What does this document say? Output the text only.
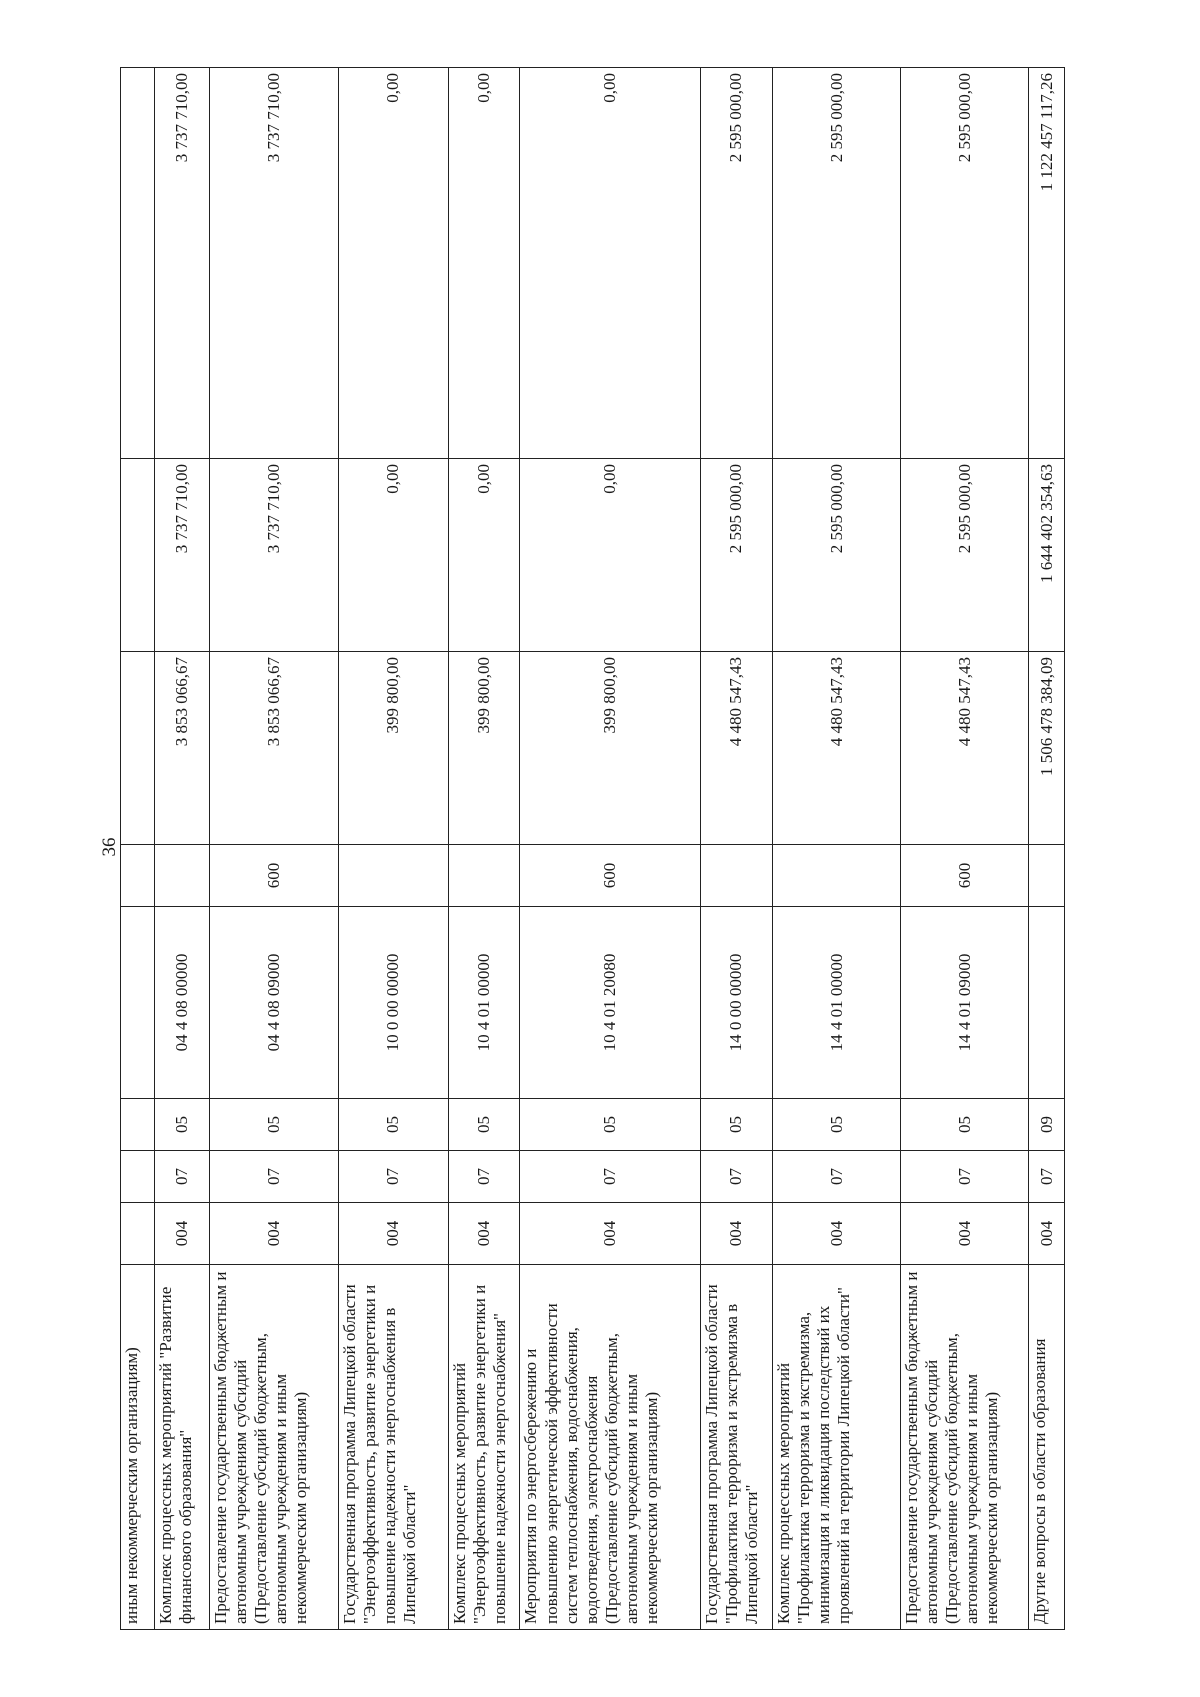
36
иным некоммерческим организациям)								
Комплекс процессных мероприятий "Развитие финансового образования"	004	07	05	04 4 08 00000		3 853 066,67	3 737 710,00	3 737 710,00
Предоставление государственным бюджетным и автономным учреждениям субсидий (Предоставление субсидий бюджетным, автономным учреждениям и иным некоммерческим организациям)	004	07	05	04 4 08 09000	600	3 853 066,67	3 737 710,00	3 737 710,00
Государственная программа Липецкой области "Энергоэффективность, развитие энергетики и повышение надежности энергоснабжения в Липецкой области"	004	07	05	10 0 00 00000		399 800,00	0,00	0,00
Комплекс процессных мероприятий "Энергоэффективность, развитие энергетики и повышение надежности энергоснабжения"	004	07	05	10 4 01 00000		399 800,00	0,00	0,00
Мероприятия по энергосбережению и повышению энергетической эффективности систем теплоснабжения, водоснабжения, водоотведения, электроснабжения (Предоставление субсидий бюджетным, автономным учреждениям и иным некоммерческим организациям)	004	07	05	10 4 01 20080	600	399 800,00	0,00	0,00
Государственная программа Липецкой области "Профилактика терроризма и экстремизма в Липецкой области"	004	07	05	14 0 00 00000		4 480 547,43	2 595 000,00	2 595 000,00
Комплекс процессных мероприятий "Профилактика терроризма и экстремизма, минимизация и ликвидация последствий их проявлений на территории Липецкой области"	004	07	05	14 4 01 00000		4 480 547,43	2 595 000,00	2 595 000,00
Предоставление государственным бюджетным и автономным учреждениям субсидий (Предоставление субсидий бюджетным, автономным учреждениям и иным некоммерческим организациям)	004	07	05	14 4 01 09000	600	4 480 547,43	2 595 000,00	2 595 000,00
Другие вопросы в области образования	004	07	09			1 506 478 384,09	1 644 402 354,63	1 122 457 117,26
